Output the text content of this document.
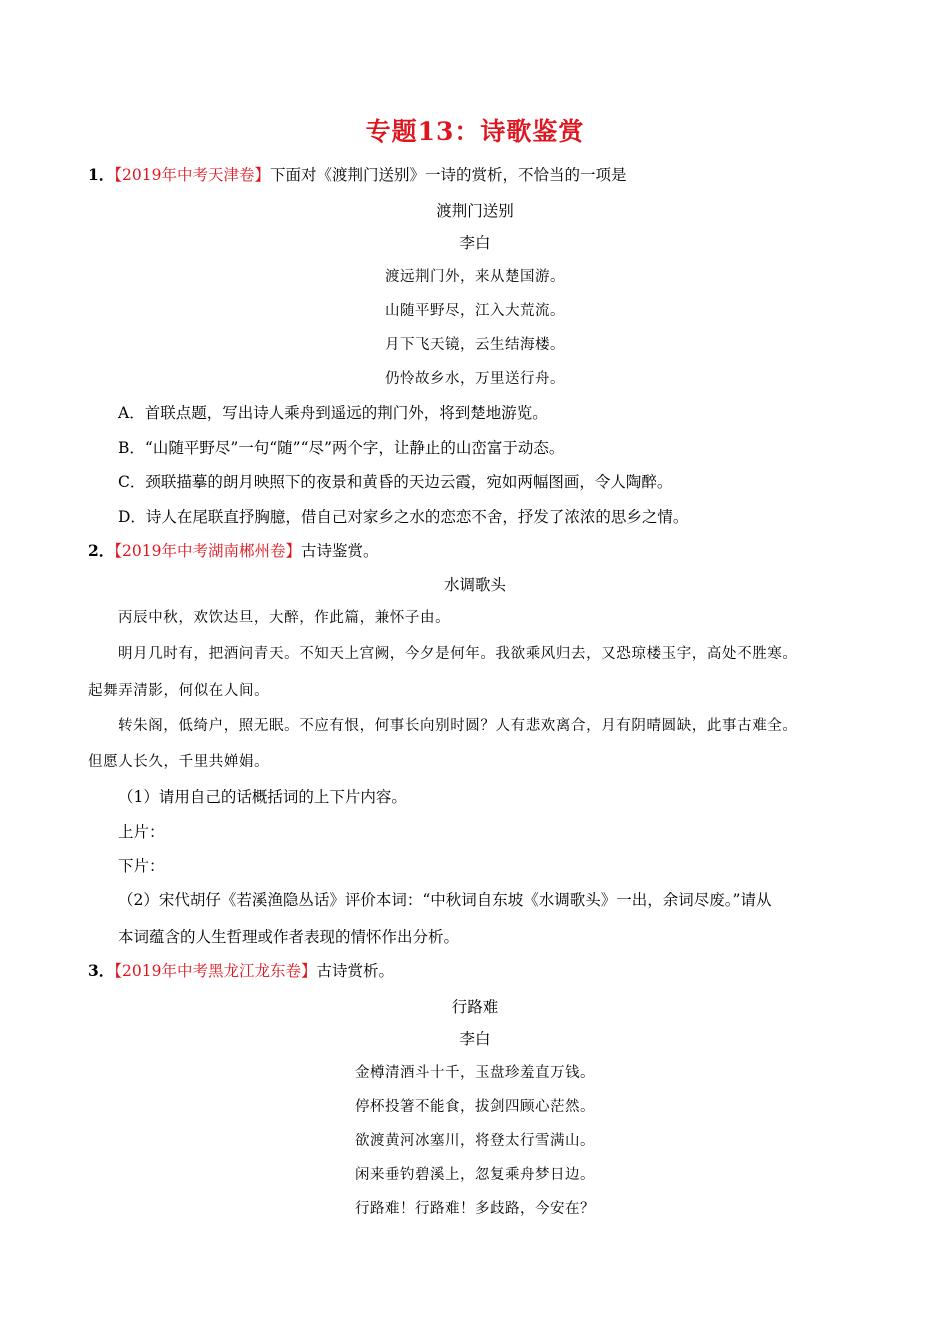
专题13：诗歌鉴赏
1．【2019年中考天津卷】下面对《渡荆门送别》一诗的赏析，不恰当的一项是
渡荆门送别
李白
渡远荆门外，来从楚国游。
山随平野尽，江入大荒流。
月下飞天镜，云生结海楼。
仍怜故乡水，万里送行舟。
A．首联点题，写出诗人乘舟到遥远的荆门外，将到楚地游览。
B．“山随平野尽”一句“随”“尽”两个字，让静止的山峦富于动态。
C．颈联描摹的朗月映照下的夜景和黄昏的天边云霞，宛如两幅图画，令人陶醉。
D．诗人在尾联直抒胸臆，借自己对家乡之水的恋恋不舍，抒发了浓浓的思乡之情。
2．【2019年中考湖南郴州卷】古诗鉴赏。
水调歌头
丙辰中秋，欢饮达旦，大醉，作此篇，兼怀子由。
明月几时有，把酒问青天。不知天上宫阙，今夕是何年。我欲乘风归去，又恐琼楼玉宇，高处不胜寒。
起舞弄清影，何似在人间。
转朱阁，低绮户，照无眠。不应有恨，何事长向别时圆？人有悲欢离合，月有阴晴圆缺，此事古难全。
但愿人长久，千里共婵娟。
（1）请用自己的话概括词的上下片内容。
上片：
下片：
（2）宋代胡仔《若溪渔隐丛话》评价本词：“中秋词自东坡《水调歌头》一出，余词尽废。”请从
本词蕴含的人生哲理或作者表现的情怀作出分析。
3．【2019年中考黑龙江龙东卷】古诗赏析。
行路难
李白
金樽清酒斗十千，玉盘珍羞直万钱。
停杯投箸不能食，拔剑四顾心茫然。
欲渡黄河冰塞川，将登太行雪满山。
闲来垂钓碧溪上，忽复乘舟梦日边。
行路难！行路难！多歧路，今安在？
